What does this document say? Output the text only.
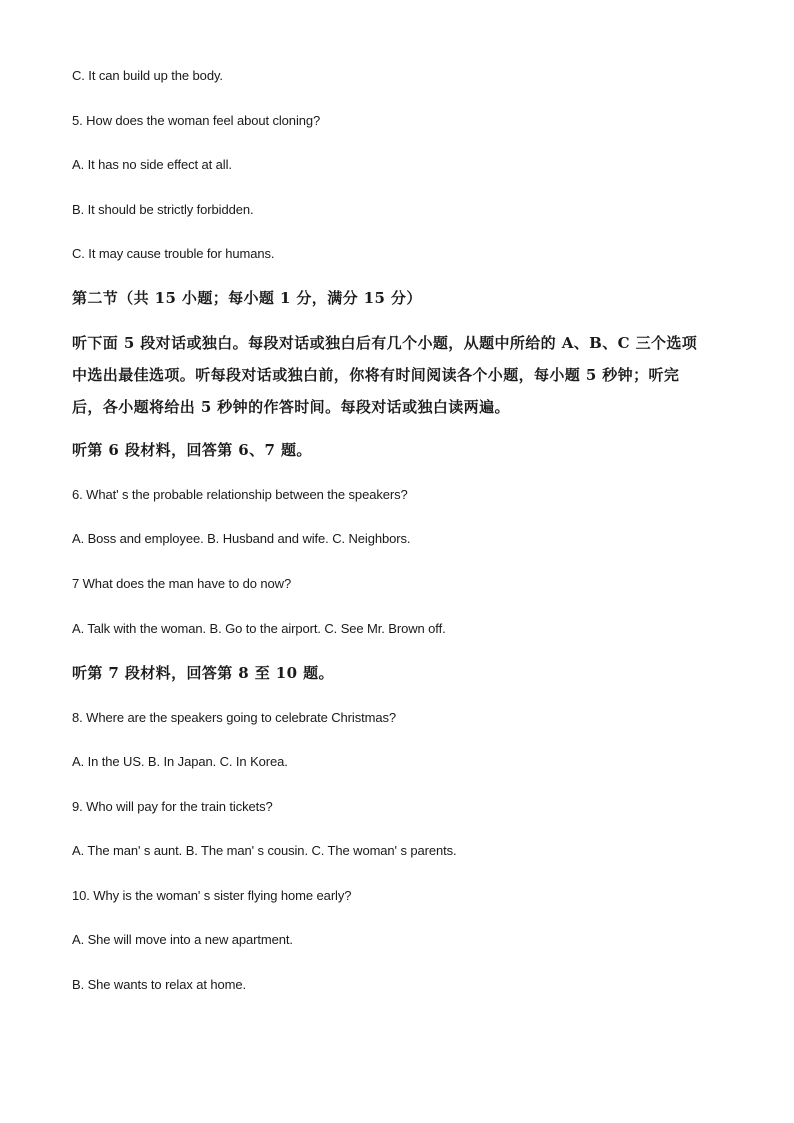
C. It can build up the body.
5. How does the woman feel about cloning?
A. It has no side effect at all.
B. It should be strictly forbidden.
C. It may cause trouble for humans.
第二节（共 15 小题；每小题 1 分，满分 15 分）
听下面 5 段对话或独白。每段对话或独白后有几个小题，从题中所给的 A、B、C 三个选项
中选出最佳选项。听每段对话或独白前，你将有时间阅读各个小题，每小题 5 秒钟；听完
后，各小题将给出 5 秒钟的作答时间。每段对话或独白读两遍。
听第 6 段材料，回答第 6、7 题。
6. What' s the probable relationship between the speakers?
A. Boss and employee. B. Husband and wife. C. Neighbors.
7 What does the man have to do now?
A. Talk with the woman. B. Go to the airport. C. See Mr. Brown off.
听第 7 段材料，回答第 8 至 10 题。
8. Where are the speakers going to celebrate Christmas?
A. In the US. B. In Japan. C. In Korea.
9. Who will pay for the train tickets?
A. The man' s aunt. B. The man' s cousin. C. The woman' s parents.
10. Why is the woman' s sister flying home early?
A. She will move into a new apartment.
B. She wants to relax at home.
